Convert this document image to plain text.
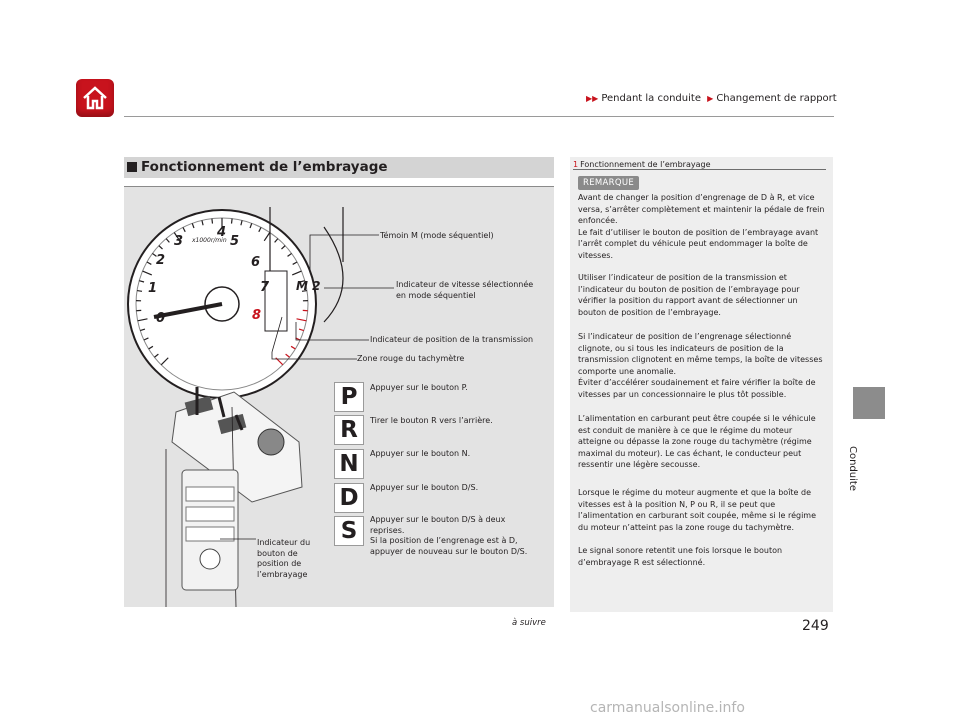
▶▶ Pendant la conduite ▶ Changement de rapport
Conduite
Fonctionnement de l’embrayage
1
2
3
4
5
6
7
8
0
x1000r/min
M 2
Témoin M (mode séquentiel)
Indicateur de vitesse sélectionnée
en mode séquentiel
Indicateur de position de la transmission
Zone rouge du tachymètre
Indicateur du
bouton de
position de
l’embrayage
P	Appuyer sur le bouton P.
R	Tirer le bouton R vers l’arrière.
N	Appuyer sur le bouton N.
D	Appuyer sur le bouton D/S.
S	Appuyer sur le bouton D/S à deux
reprises.
Si la position de l’engrenage est à D,
appuyer de nouveau sur le bouton D/S.
1 Fonctionnement de l’embrayage
REMARQUE
Avant de changer la position d’engrenage de D à R, et vice versa, s’arrêter complètement et maintenir la pédale de frein enfoncée.
Le fait d’utiliser le bouton de position de l’embrayage avant l’arrêt complet du véhicule peut endommager la boîte de vitesses.
Utiliser l’indicateur de position de la transmission et l’indicateur du bouton de position de l’embrayage pour vérifier la position du rapport avant de sélectionner un bouton de position de l’embrayage.
Si l’indicateur de position de l’engrenage sélectionné clignote, ou si tous les indicateurs de position de la transmission clignotent en même temps, la boîte de vitesses comporte une anomalie.
Éviter d’accélérer soudainement et faire vérifier la boîte de vitesses par un concessionnaire le plus tôt possible.
L’alimentation en carburant peut être coupée si le véhicule est conduit de manière à ce que le régime du moteur atteigne ou dépasse la zone rouge du tachymètre (régime maximal du moteur). Le cas échant, le conducteur peut ressentir une légère secousse.
Lorsque le régime du moteur augmente et que la boîte de vitesses est à la position N, P ou R, il se peut que l’alimentation en carburant soit coupée, même si le régime du moteur n’atteint pas la zone rouge du tachymètre.
Le signal sonore retentit une fois lorsque le bouton d’embrayage R est sélectionné.
à suivre	249
carmanualsonline.info
